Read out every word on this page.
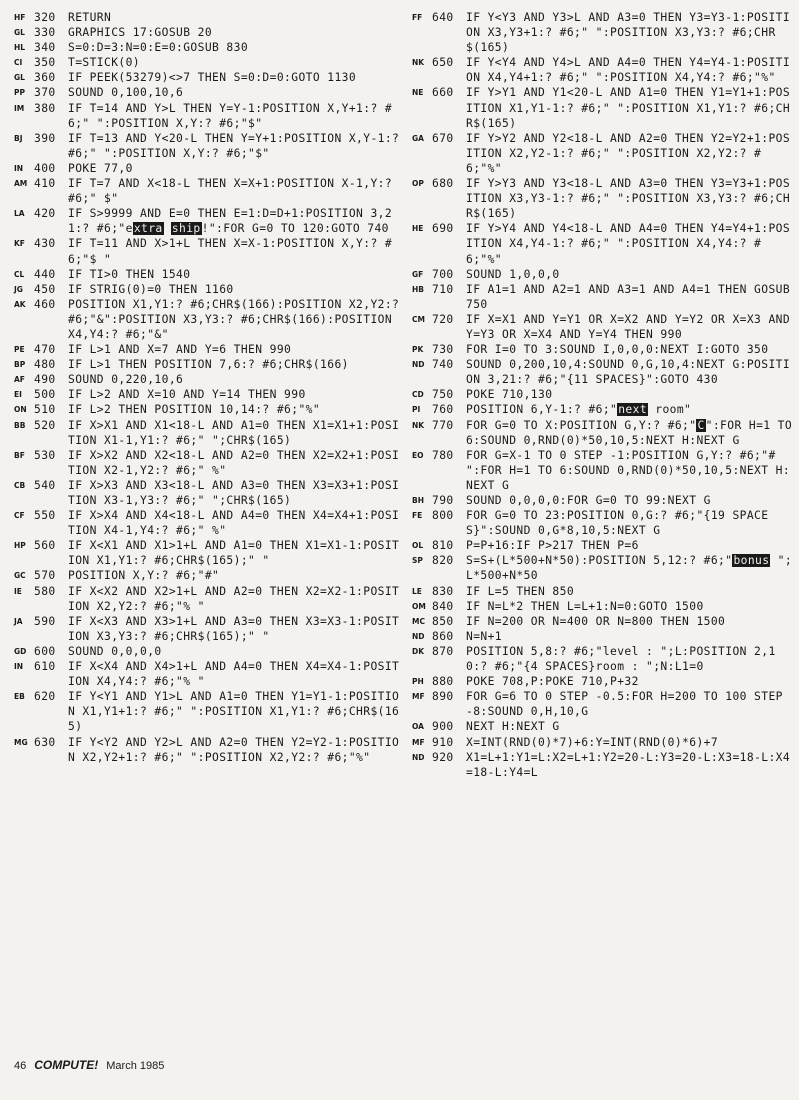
HF 320	RETURN
GL 330	GRAPHICS 17:GOSUB 20
HL 340	S=0:D=3:N=0:E=0:GOSUB 830
CI	350	T=STICK(0)
GL 360	IF PEEK(53279)<>7 THEN S=0:D=0:GOTO 1130
PP 370	SOUND 0,100,10,6
IM 380	IF T=14 AND Y>L THEN Y=Y-1:POSITION X,Y+1:? #6;" ":POSITION X,Y:? #6;"$"
BJ	390	IF T=13 AND Y<20-L THEN Y=Y+1:POSITION X,Y-1:? #6;" ":POSITION X,Y:? #6;"$"
IN 400	POKE 77,0
AM 410	IF T=7 AND X<18-L THEN X=X+1:POSITION X-1,Y:? #6;" $"
LA 420	IF S>9999 AND E=0 THEN E=1:D=D+1:POSITION 3,21:? #6;"extra ship!":FOR G=0 TO 120:GOTO 740
KF 430	IF T=11 AND X>1+L THEN X=X-1:POSITION X,Y:? #6;"$ "
CL 440	IF TI>0 THEN 1540
JG 450	IF STRIG(0)=0 THEN 1160
AK 460	POSITION X1,Y1:? #6;CHR$(166):POSITION X2,Y2:? #6;"&":POSITION X3,Y3:? #6;CHR$(166):POSITION X4,Y4:? #6;"&"
PE 470	IF L>1 AND X=7 AND Y=6 THEN 990
BP 480	IF L>1 THEN POSITION 7,6:? #6;CHR$(166)
AF 490	SOUND 0,220,10,6
EI	500	IF L>2 AND X=10 AND Y=14 THEN 990
ON 510	IF L>2 THEN POSITION 10,14:? #6;"%"
BB 520	IF X>X1 AND X1<18-L AND A1=0 THEN X1=X1+1:POSITION X1-1,Y1:? #6;" ";CHR$(165)
BF 530	IF X>X2 AND X2<18-L AND A2=0 THEN X2=X2+1:POSITION X2-1,Y2:? #6;" %"
CB 540	IF X>X3 AND X3<18-L AND A3=0 THEN X3=X3+1:POSITION X3-1,Y3:? #6;" ";CHR$(165)
CF 550	IF X>X4 AND X4<18-L AND A4=0 THEN X4=X4+1:POSITION X4-1,Y4:? #6;" %"
HP 560	IF X<X1 AND X1>1+L AND A1=0 THEN X1=X1-1:POSITION X1,Y1:? #6;CHR$(165);" "
GC 570	POSITION X,Y:? #6;"#"
IE	580	IF X<X2 AND X2>1+L AND A2=0 THEN X2=X2-1:POSITION X2,Y2:? #6;"% "
JA	590	IF X<X3 AND X3>1+L AND A3=0 THEN X3=X3-1:POSITION X3,Y3:? #6;CHR$(165);" "
GD 600	SOUND 0,0,0,0
IN 610	IF X<X4 AND X4>1+L AND A4=0 THEN X4=X4-1:POSITION X4,Y4:? #6;"% "
EB 620	IF Y<Y1 AND Y1>L AND A1=0 THEN Y1=Y1-1:POSITION X1,Y1+1:? #6;" ":POSITION X1,Y1:? #6;CHR$(165)
MG 630	IF Y<Y2 AND Y2>L AND A2=0 THEN Y2=Y2-1:POSITION X2,Y2+1:? #6;" ":POSITION X2,Y2:? #6;"%"
FF 640	IF Y<Y3 AND Y3>L AND A3=0 THEN Y3=Y3-1:POSITION X3,Y3+1:? #6;" ":POSITION X3,Y3:? #6;CHR$(165)
NK 650	IF Y<Y4 AND Y4>L AND A4=0 THEN Y4=Y4-1:POSITION X4,Y4+1:? #6;" ":POSITION X4,Y4:? #6;"%"
NE 660	IF Y>Y1 AND Y1<20-L AND A1=0 THEN Y1=Y1+1:POSITION X1,Y1-1:? #6;" ":POSITION X1,Y1:? #6;CHR$(165)
GA 670	IF Y>Y2 AND Y2<18-L AND A2=0 THEN Y2=Y2+1:POSITION X2,Y2-1:? #6;" ":POSITION X2,Y2:? #6;"%"
OP 680	IF Y>Y3 AND Y3<18-L AND A3=0 THEN Y3=Y3+1:POSITION X3,Y3-1:? #6;" ":POSITION X3,Y3:? #6;CHR$(165)
HE 690	IF Y>Y4 AND Y4<18-L AND A4=0 THEN Y4=Y4+1:POSITION X4,Y4-1:? #6;" ":POSITION X4,Y4:? #6;"%"
GF 700	SOUND 1,0,0,0
HB 710	IF A1=1 AND A2=1 AND A3=1 AND A4=1 THEN GOSUB 750
CM 720	IF X=X1 AND Y=Y1 OR X=X2 AND Y=Y2 OR X=X3 AND Y=Y3 OR X=X4 AND Y=Y4 THEN 990
PK 730	FOR I=0 TO 3:SOUND I,0,0,0:NEXT I:GOTO 350
ND 740	SOUND 0,200,10,4:SOUND 0,G,10,4:NEXT G:POSITION 3,21:? #6;"{11 SPACES}":GOTO 430
CD 750	POKE 710,130
PI	760	POSITION 6,Y-1:? #6;"next room"
NK 770	FOR G=0 TO X:POSITION G,Y:? #6;"C":FOR H=1 TO 6:SOUND 0,RND(0)*50,10,5:NEXT H:NEXT G
EO 780	FOR G=X-1 TO 0 STEP -1:POSITION G,Y:? #6;"# ":FOR H=1 TO 6:SOUND 0,RND(0)*50,10,5:NEXT H:NEXT G
BH 790	SOUND 0,0,0,0:FOR G=0 TO 99:NEXT G
FE 800	FOR G=0 TO 23:POSITION 0,G:? #6;"{19 SPACES}":SOUND 0,G*8,10,5:NEXT G
OL 810	P=P+16:IF P>217 THEN P=6
SP 820	S=S+(L*500+N*50):POSITION 5,12:? #6;"bonus ";L*500+N*50
LE 830	IF L=5 THEN 850
OM 840	IF N=L*2 THEN L=L+1:N=0:GOTO 1500
MC 850	IF N=200 OR N=400 OR N=800 THEN 1500
ND 860	N=N+1
DK 870	POSITION 5,8:? #6;"level : ";L:POSITION 2,10:? #6;"{4 SPACES}room : ";N:L1=0
PH 880	POKE 708,P:POKE 710,P+32
MF 890	FOR G=6 TO 0 STEP -0.5:FOR H=200 TO 100 STEP -8:SOUND 0,H,10,G
OA 900	NEXT H:NEXT G
MF 910	X=INT(RND(0)*7)+6:Y=INT(RND(0)*6)+7
ND 920	X1=L+1:Y1=L:X2=L+1:Y2=20-L:Y3=20-L:X3=18-L:X4=18-L:Y4=L
46 COMPUTE! March 1985
